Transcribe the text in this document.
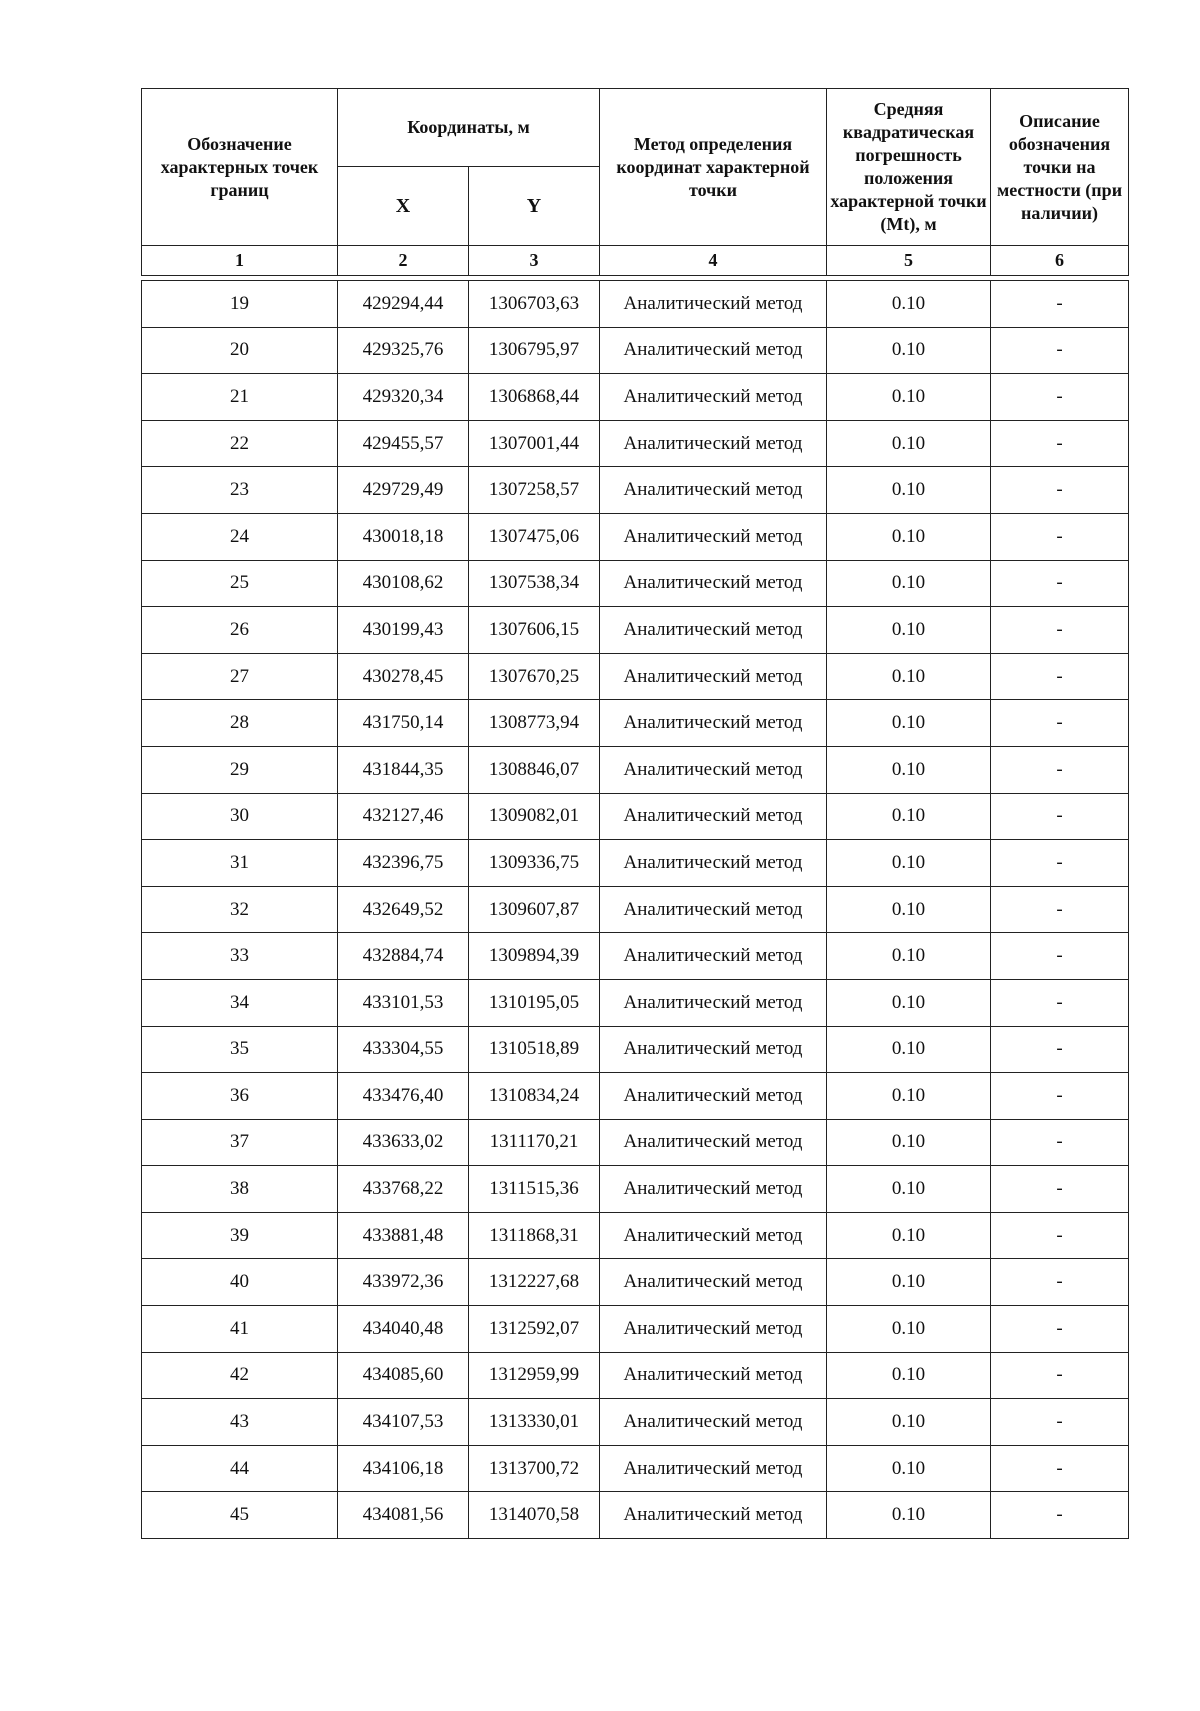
Обозначение характерных точек границ	Координаты, м		Метод определения координат характерной точки	Средняя квадратическая погрешность положения характерной точки (Mt), м	Описание обозначения точки на местности (при наличии)
	X	Y			
1	2	3	4	5	6
19	429294,44	1306703,63	Аналитический метод	0.10	-
20	429325,76	1306795,97	Аналитический метод	0.10	-
21	429320,34	1306868,44	Аналитический метод	0.10	-
22	429455,57	1307001,44	Аналитический метод	0.10	-
23	429729,49	1307258,57	Аналитический метод	0.10	-
24	430018,18	1307475,06	Аналитический метод	0.10	-
25	430108,62	1307538,34	Аналитический метод	0.10	-
26	430199,43	1307606,15	Аналитический метод	0.10	-
27	430278,45	1307670,25	Аналитический метод	0.10	-
28	431750,14	1308773,94	Аналитический метод	0.10	-
29	431844,35	1308846,07	Аналитический метод	0.10	-
30	432127,46	1309082,01	Аналитический метод	0.10	-
31	432396,75	1309336,75	Аналитический метод	0.10	-
32	432649,52	1309607,87	Аналитический метод	0.10	-
33	432884,74	1309894,39	Аналитический метод	0.10	-
34	433101,53	1310195,05	Аналитический метод	0.10	-
35	433304,55	1310518,89	Аналитический метод	0.10	-
36	433476,40	1310834,24	Аналитический метод	0.10	-
37	433633,02	1311170,21	Аналитический метод	0.10	-
38	433768,22	1311515,36	Аналитический метод	0.10	-
39	433881,48	1311868,31	Аналитический метод	0.10	-
40	433972,36	1312227,68	Аналитический метод	0.10	-
41	434040,48	1312592,07	Аналитический метод	0.10	-
42	434085,60	1312959,99	Аналитический метод	0.10	-
43	434107,53	1313330,01	Аналитический метод	0.10	-
44	434106,18	1313700,72	Аналитический метод	0.10	-
45	434081,56	1314070,58	Аналитический метод	0.10	-
